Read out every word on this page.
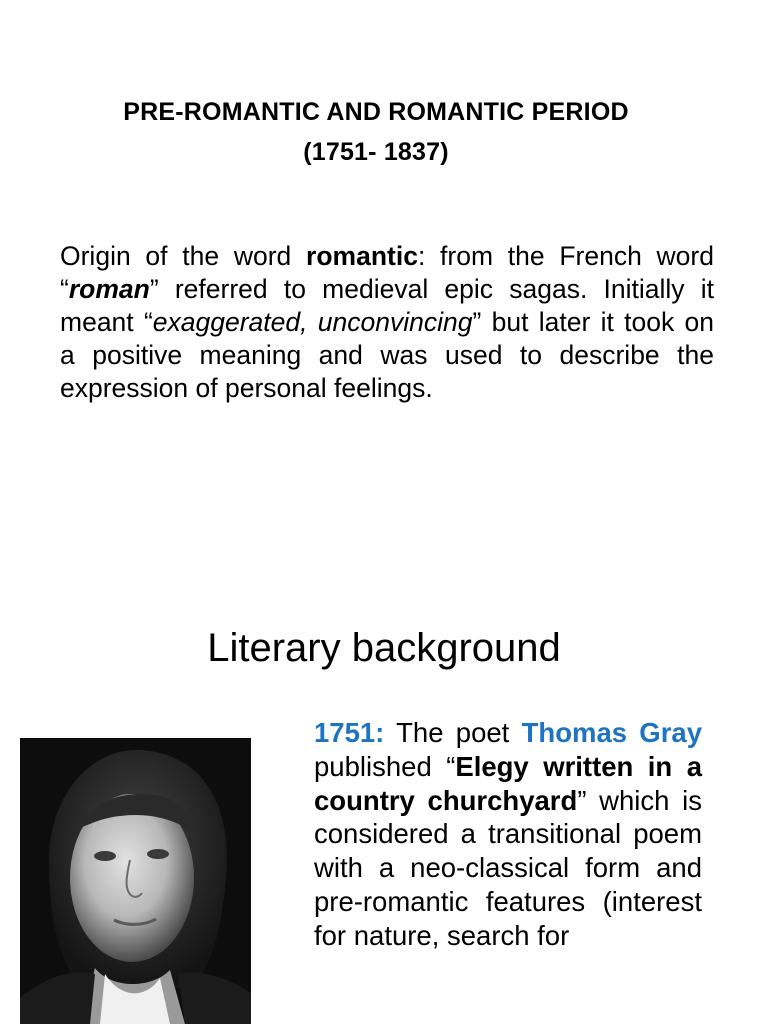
PRE-ROMANTIC AND ROMANTIC PERIOD
(1751- 1837)
Origin of the word romantic: from the French word “roman” referred to medieval epic sagas. Initially it meant “exaggerated, unconvincing” but later it took on a positive meaning and was used to describe the expression of personal feelings.
Literary background
1751: The poet Thomas Gray published “Elegy written in a country churchyard” which is considered a transitional poem with a neo-classical form and pre-romantic features (interest for nature, search for
